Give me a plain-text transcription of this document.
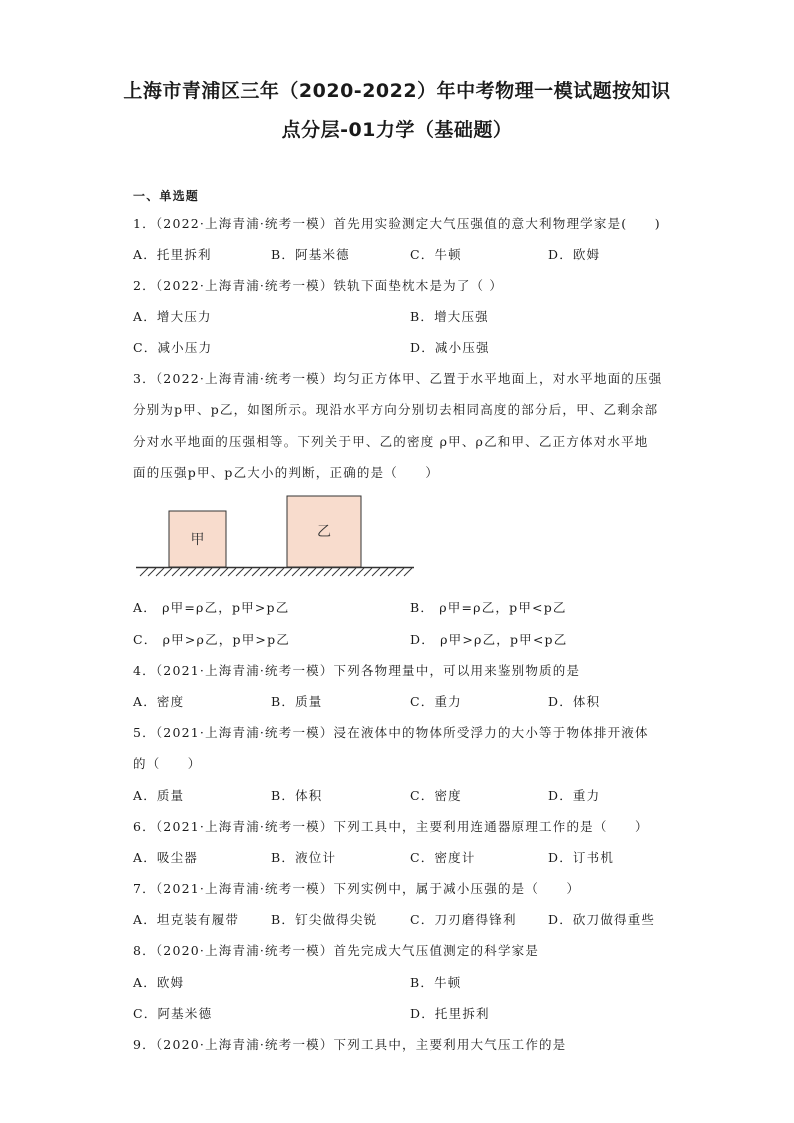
上海市青浦区三年（2020-2022）年中考物理一模试题按知识
点分层-01力学（基础题）
一、单选题
1．（2022·上海青浦·统考一模）首先用实验测定大气压强值的意大利物理学家是(　　)
A．托里拆利	B．阿基米德	C．牛顿	D．欧姆
2．（2022·上海青浦·统考一模）铁轨下面垫枕木是为了（ ）
A．增大压力	B．增大压强
C．减小压力	D．减小压强
3．（2022·上海青浦·统考一模）均匀正方体甲、乙置于水平地面上，对水平地面的压强
分别为p甲、p乙，如图所示。现沿水平方向分别切去相同高度的部分后，甲、乙剩余部
分对水平地面的压强相等。下列关于甲、乙的密度 ρ甲、ρ乙和甲、乙正方体对水平地
面的压强p甲、p乙大小的判断，正确的是（　　）
甲	乙
A． ρ甲=ρ乙，p甲>p乙	B． ρ甲=ρ乙，p甲<p乙
C． ρ甲>ρ乙，p甲>p乙	D． ρ甲>ρ乙，p甲<p乙
4．（2021·上海青浦·统考一模）下列各物理量中，可以用来鉴别物质的是
A．密度	B．质量	C．重力	D．体积
5．（2021·上海青浦·统考一模）浸在液体中的物体所受浮力的大小等于物体排开液体
的（　　）
A．质量	B．体积	C．密度	D．重力
6．（2021·上海青浦·统考一模）下列工具中，主要利用连通器原理工作的是（　　）
A．吸尘器	B．液位计	C．密度计	D．订书机
7．（2021·上海青浦·统考一模）下列实例中，属于减小压强的是（　　）
A．坦克装有履带	B．钉尖做得尖锐	C．刀刃磨得锋利	D．砍刀做得重些
8．（2020·上海青浦·统考一模）首先完成大气压值测定的科学家是
A．欧姆	B．牛顿
C．阿基米德	D．托里拆利
9．（2020·上海青浦·统考一模）下列工具中，主要利用大气压工作的是
